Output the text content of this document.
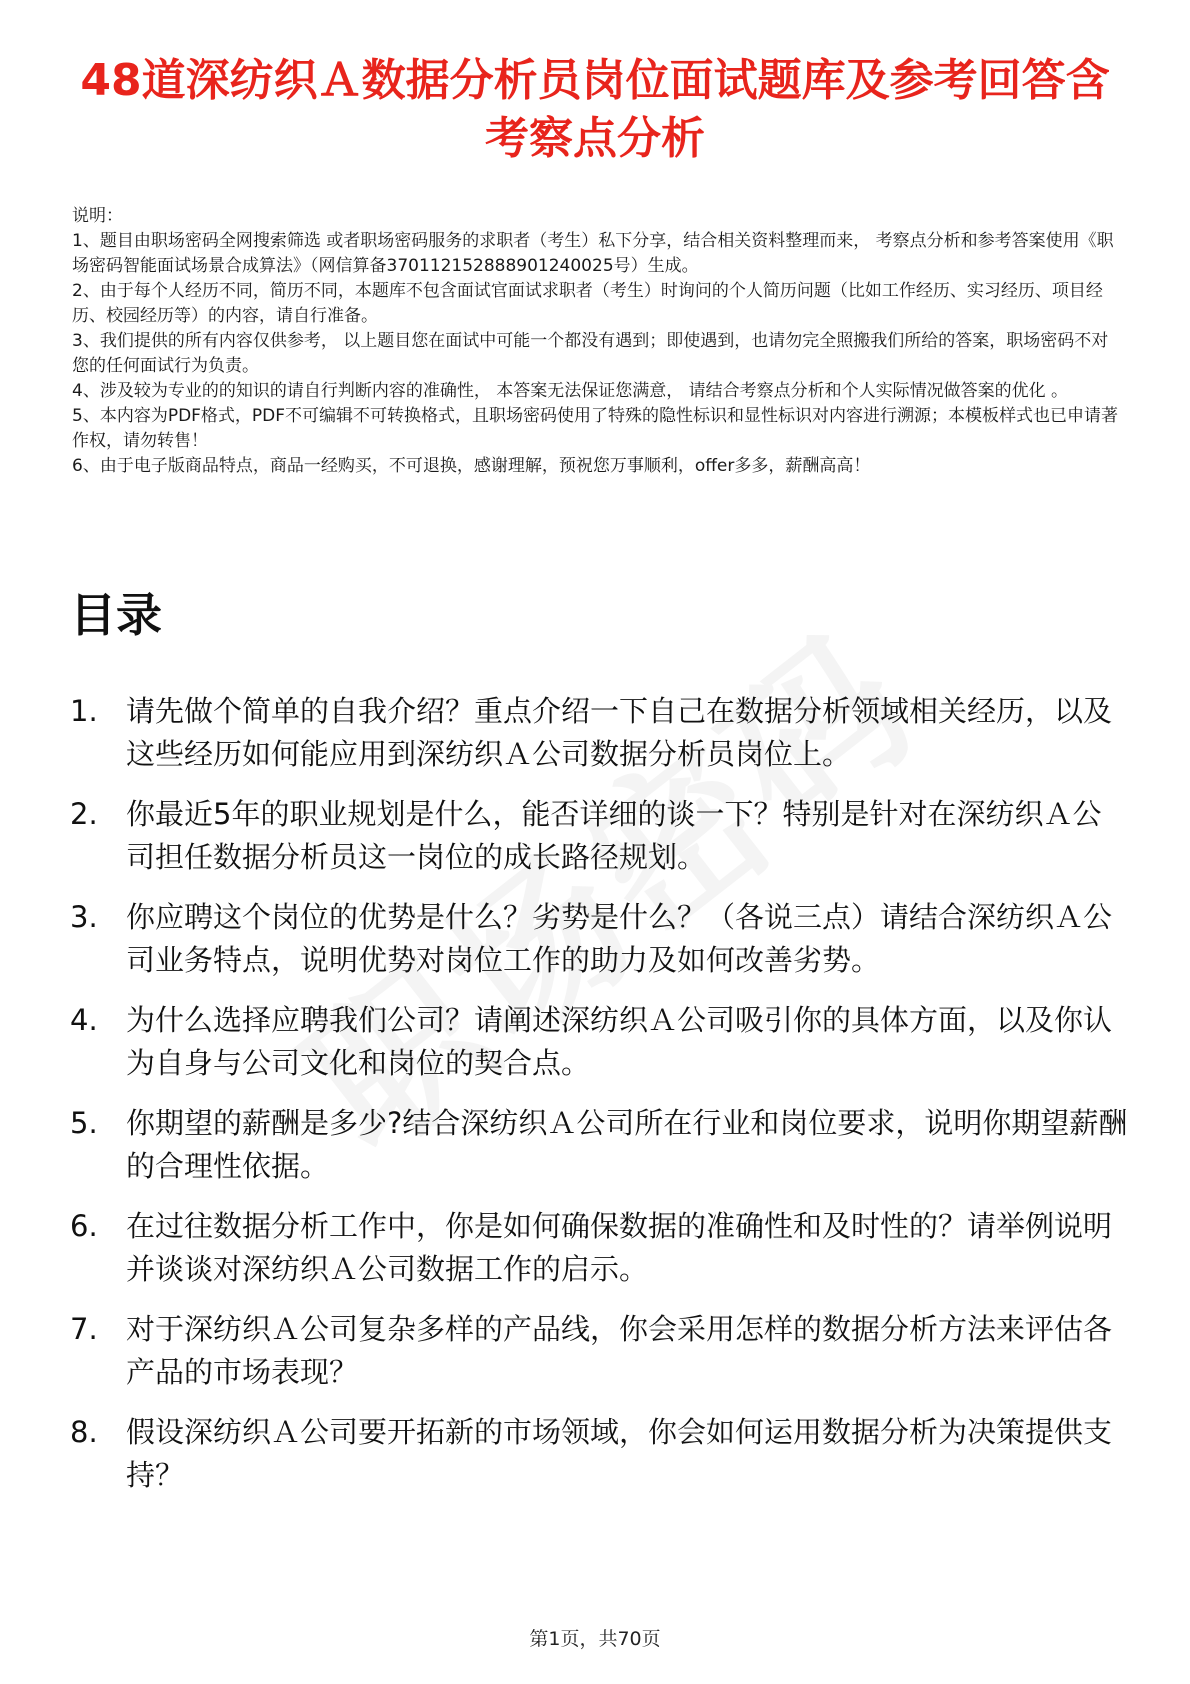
48道深纺织Ａ数据分析员岗位面试题库及参考回答含考察点分析
说明：
1、题目由职场密码全网搜索筛选 或者职场密码服务的求职者（考生）私下分享，结合相关资料整理而来， 考察点分析和参考答案使用《职场密码智能面试场景合成算法》（网信算备370112152888901240025号）生成。
2、由于每个人经历不同，简历不同，本题库不包含面试官面试求职者（考生）时询问的个人简历问题（比如工作经历、实习经历、项目经历、校园经历等）的内容，请自行准备。
3、我们提供的所有内容仅供参考， 以上题目您在面试中可能一个都没有遇到；即使遇到，也请勿完全照搬我们所给的答案，职场密码不对您的任何面试行为负责。
4、涉及较为专业的的知识的请自行判断内容的准确性， 本答案无法保证您满意， 请结合考察点分析和个人实际情况做答案的优化 。
5、本内容为PDF格式，PDF不可编辑不可转换格式，且职场密码使用了特殊的隐性标识和显性标识对内容进行溯源；本模板样式也已申请著作权，请勿转售！
6、由于电子版商品特点，商品一经购买，不可退换，感谢理解，预祝您万事顺利，offer多多，薪酬高高！
目录
1. 请先做个简单的自我介绍？重点介绍一下自己在数据分析领域相关经历，以及这些经历如何能应用到深纺织Ａ公司数据分析员岗位上。
2. 你最近5年的职业规划是什么，能否详细的谈一下？特别是针对在深纺织Ａ公司担任数据分析员这一岗位的成长路径规划。
3. 你应聘这个岗位的优势是什么？劣势是什么？（各说三点）请结合深纺织Ａ公司业务特点，说明优势对岗位工作的助力及如何改善劣势。
4. 为什么选择应聘我们公司？请阐述深纺织Ａ公司吸引你的具体方面，以及你认为自身与公司文化和岗位的契合点。
5. 你期望的薪酬是多少?结合深纺织Ａ公司所在行业和岗位要求，说明你期望薪酬的合理性依据。
6. 在过往数据分析工作中，你是如何确保数据的准确性和及时性的？请举例说明并谈谈对深纺织Ａ公司数据工作的启示。
7. 对于深纺织Ａ公司复杂多样的产品线，你会采用怎样的数据分析方法来评估各产品的市场表现？
8. 假设深纺织Ａ公司要开拓新的市场领域，你会如何运用数据分析为决策提供支持？
第1页，共70页
